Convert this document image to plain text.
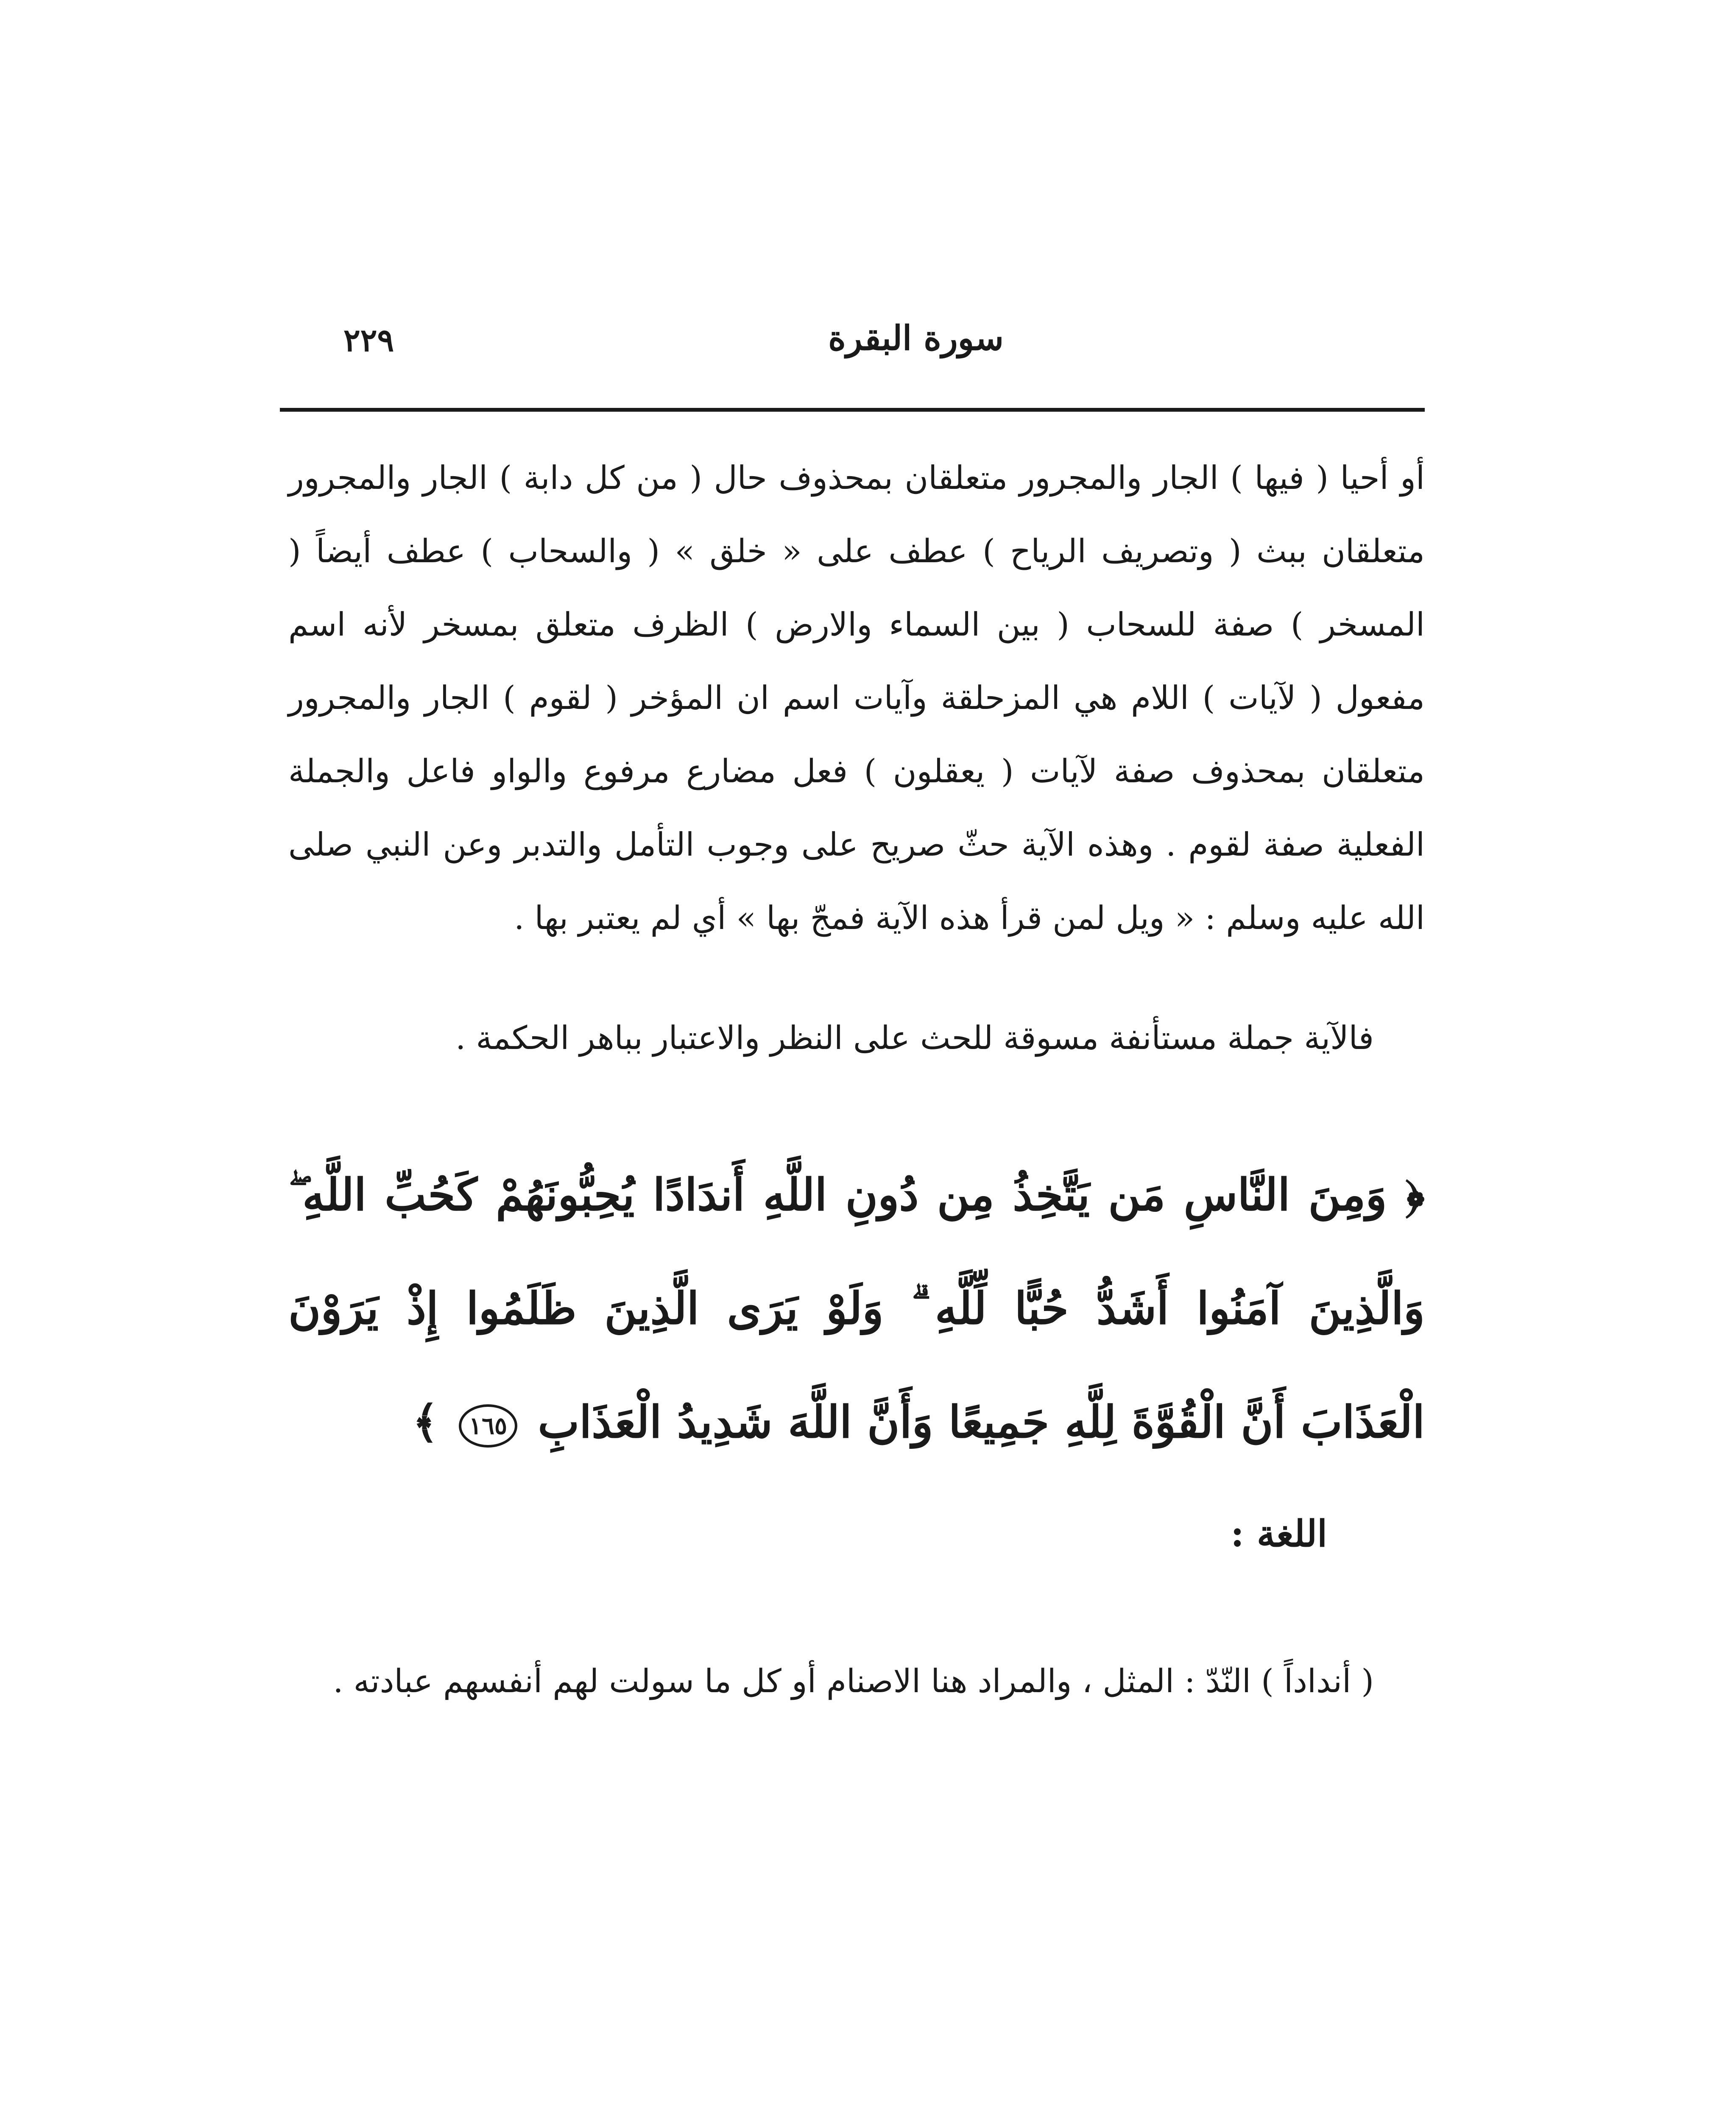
٢٢٩	سورة البقرة

أو أحيا ( فيها ) الجار والمجرور متعلقان بمحذوف حال ( من كل دابة ) الجار والمجرور متعلقان ببث ( وتصريف الرياح ) عطف على « خلق » ( والسحاب ) عطف أيضاً ( المسخر ) صفة للسحاب ( بين السماء والارض ) الظرف متعلق بمسخر لأنه اسم مفعول ( لآيات ) اللام هي المزحلقة وآيات اسم ان المؤخر ( لقوم ) الجار والمجرور متعلقان بمحذوف صفة لآيات ( يعقلون ) فعل مضارع مرفوع والواو فاعل والجملة الفعلية صفة لقوم . وهذه الآية حثّ صريح على وجوب التأمل والتدبر وعن النبي صلى الله عليه وسلم : « ويل لمن قرأ هذه الآية فمجّ بها » أي لم يعتبر بها .

فالآية جملة مستأنفة مسوقة للحث على النظر والاعتبار بباهر الحكمة .

﴿ وَمِنَ النَّاسِ مَن يَتَّخِذُ مِن دُونِ اللَّهِ أَندَادًا يُحِبُّونَهُمْ كَحُبِّ اللَّهِ ۖ وَالَّذِينَ آمَنُوا أَشَدُّ حُبًّا لِّلَّهِ ۗ وَلَوْ يَرَى الَّذِينَ ظَلَمُوا إِذْ يَرَوْنَ الْعَذَابَ أَنَّ الْقُوَّةَ لِلَّهِ جَمِيعًا وَأَنَّ اللَّهَ شَدِيدُ الْعَذَابِ ١٦٥ ﴾
اللغة :

( أنداداً ) النّدّ : المثل ، والمراد هنا الاصنام أو كل ما سولت لهم أنفسهم عبادته .
